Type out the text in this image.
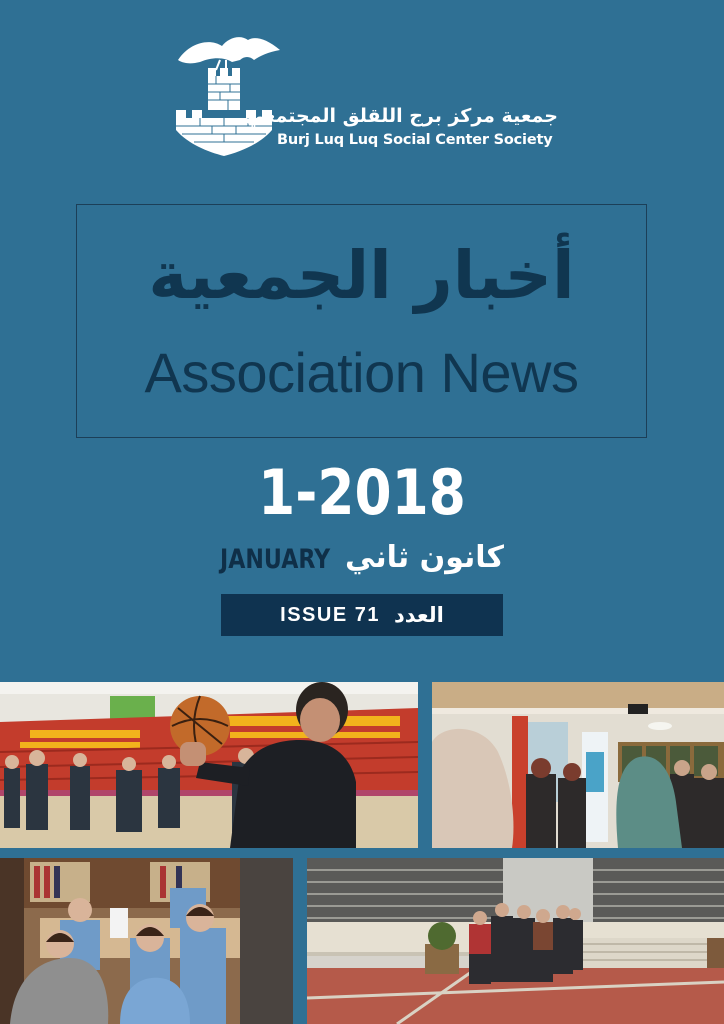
جمعية مركز برج اللقلق المجتمعي
Burj Luq Luq Social Center Society
أخبار الجمعية
Association News
1-2018
JANUARY كانون ثاني
ISSUE 71 العدد
